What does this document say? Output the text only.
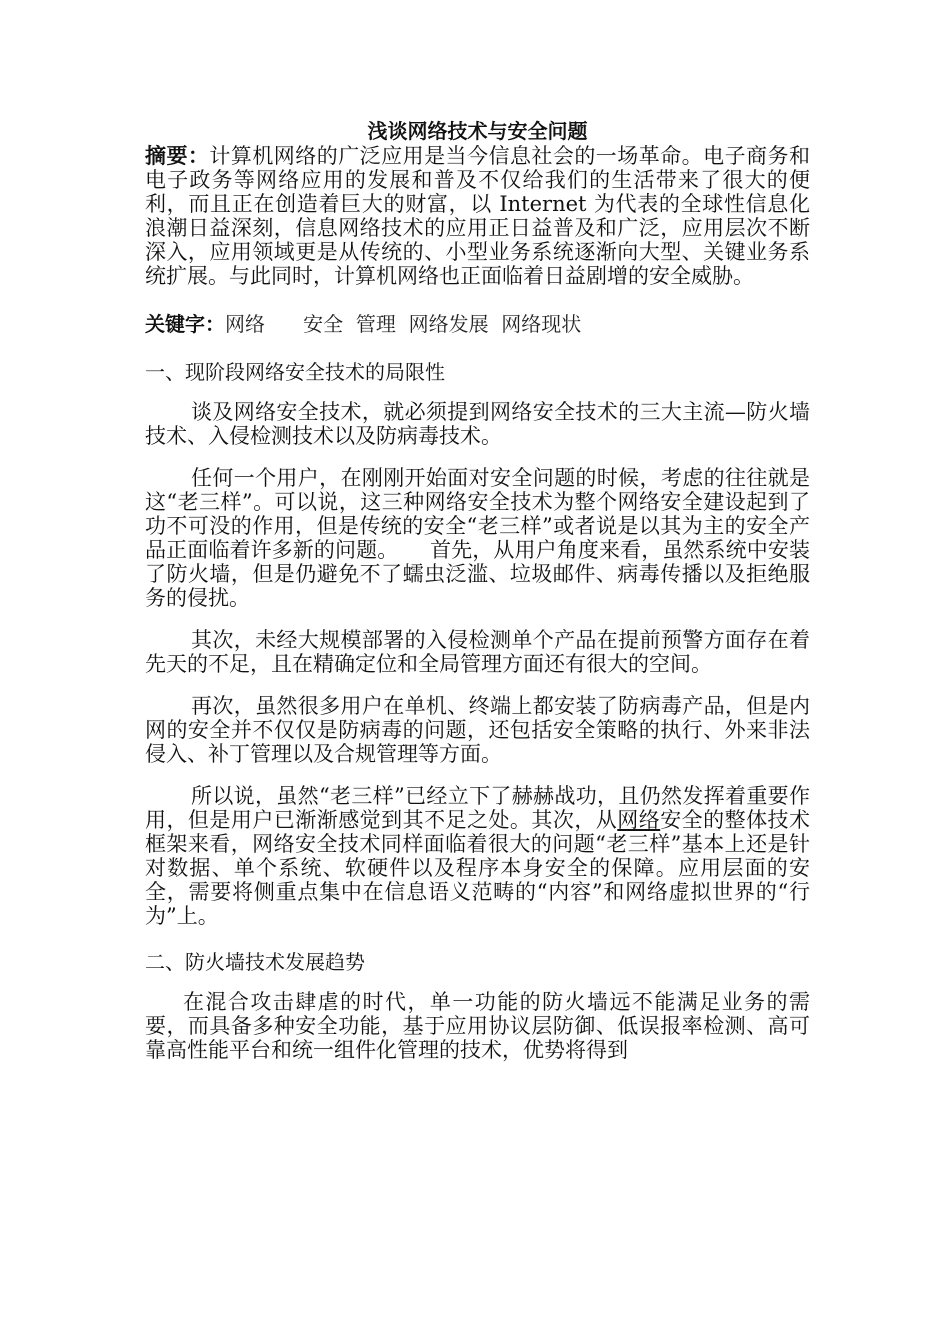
浅谈网络技术与安全问题

摘要：计算机网络的广泛应用是当今信息社会的一场革命。电子商务和电子政务等网络应用的发展和普及不仅给我们的生活带来了很大的便利，而且正在创造着巨大的财富，以 Internet 为代表的全球性信息化浪潮日益深刻，信息网络技术的应用正日益普及和广泛，应用层次不断深入，应用领域更是从传统的、小型业务系统逐渐向大型、关键业务系统扩展。与此同时，计算机网络也正面临着日益剧增的安全威胁。

关键字：网络      安全  管理  网络发展  网络现状
一、现阶段网络安全技术的局限性

谈及网络安全技术，就必须提到网络安全技术的三大主流—防火墙技术、入侵检测技术以及防病毒技术。

任何一个用户，在刚刚开始面对安全问题的时候，考虑的往往就是这“老三样”。可以说，这三种网络安全技术为整个网络安全建设起到了功不可没的作用，但是传统的安全“老三样”或者说是以其为主的安全产品正面临着许多新的问题。　　首先，从用户角度来看，虽然系统中安装了防火墙，但是仍避免不了蠕虫泛滥、垃圾邮件、病毒传播以及拒绝服务的侵扰。

其次，未经大规模部署的入侵检测单个产品在提前预警方面存在着先天的不足，且在精确定位和全局管理方面还有很大的空间。

再次，虽然很多用户在单机、终端上都安装了防病毒产品，但是内网的安全并不仅仅是防病毒的问题，还包括安全策略的执行、外来非法侵入、补丁管理以及合规管理等方面。

所以说，虽然“老三样”已经立下了赫赫战功，且仍然发挥着重要作用，但是用户已渐渐感觉到其不足之处。其次，从网络安全的整体技术框架来看，网络安全技术同样面临着很大的问题“老三样”基本上还是针对数据、单个系统、软硬件以及程序本身安全的保障。应用层面的安全，需要将侧重点集中在信息语义范畴的“内容”和网络虚拟世界的“行为”上。

二、防火墙技术发展趋势

在混合攻击肆虐的时代，单一功能的防火墙远不能满足业务的需要，而具备多种安全功能，基于应用协议层防御、低误报率检测、高可靠高性能平台和统一组件化管理的技术，优势将得到
